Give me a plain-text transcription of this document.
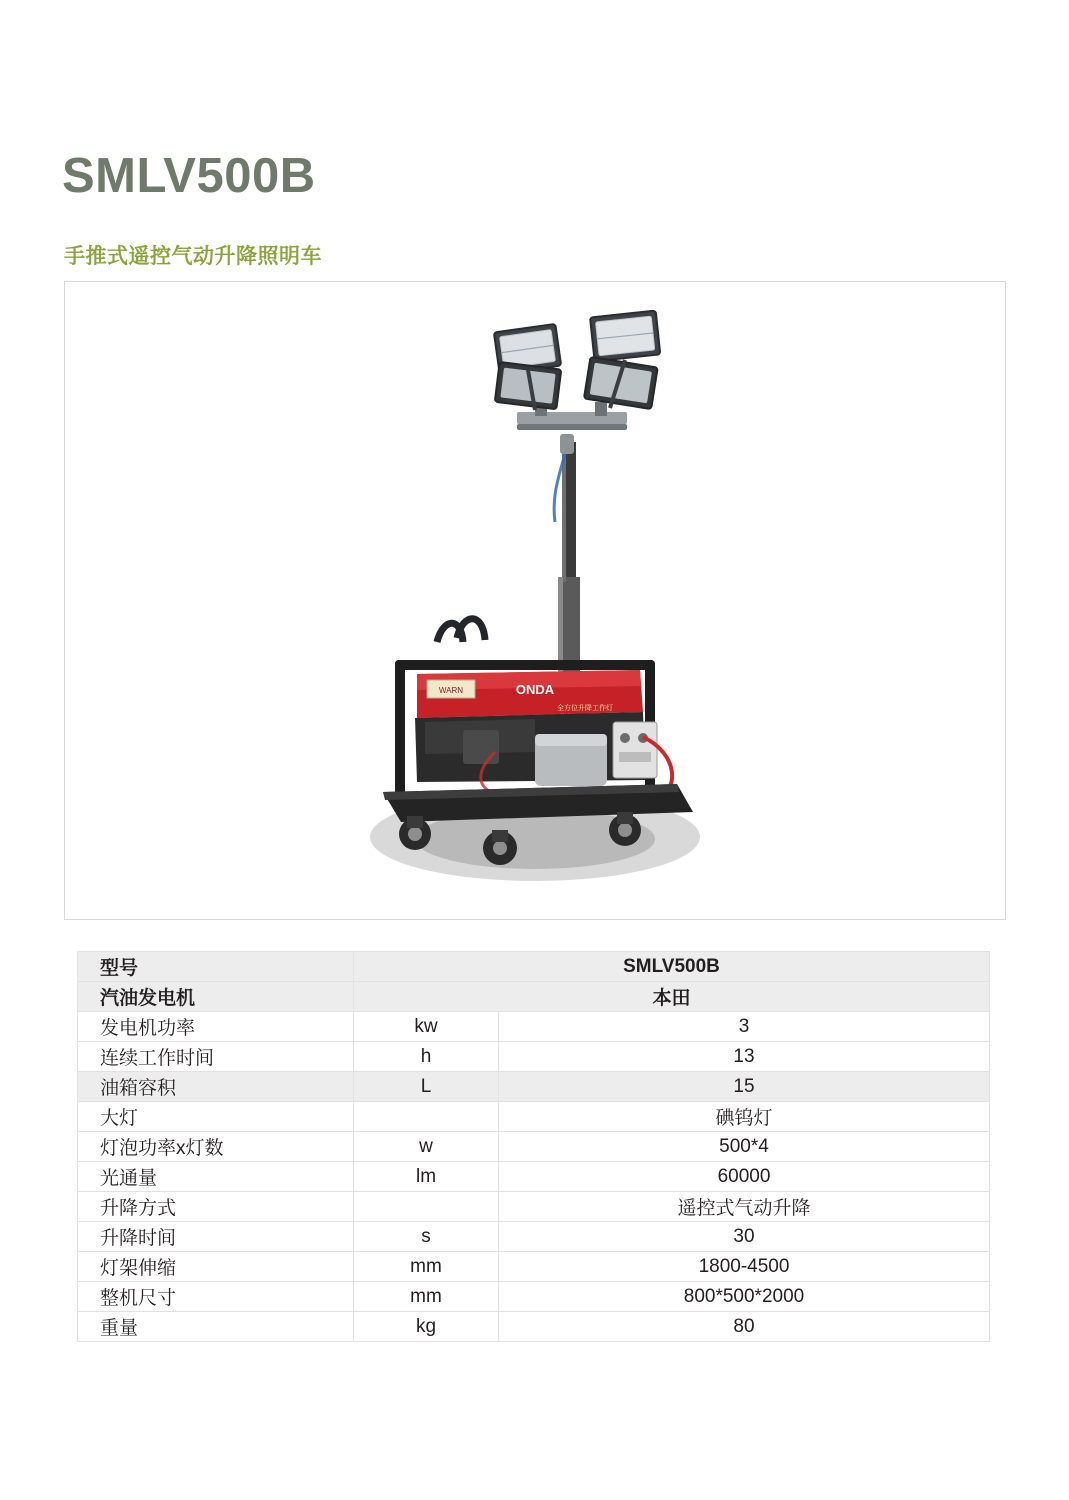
SMLV500B
手推式遥控气动升降照明车
WARN	ONDA
全方位升降工作灯
型号	SMLV500B	
汽油发电机	本田	
发电机功率	kw	3
连续工作时间	h	13
油箱容积	L	15
大灯		碘钨灯
灯泡功率x灯数	w	500*4
光通量	lm	60000
升降方式		遥控式气动升降
升降时间	s	30
灯架伸缩	mm	1800-4500
整机尺寸	mm	800*500*2000
重量	kg	80
